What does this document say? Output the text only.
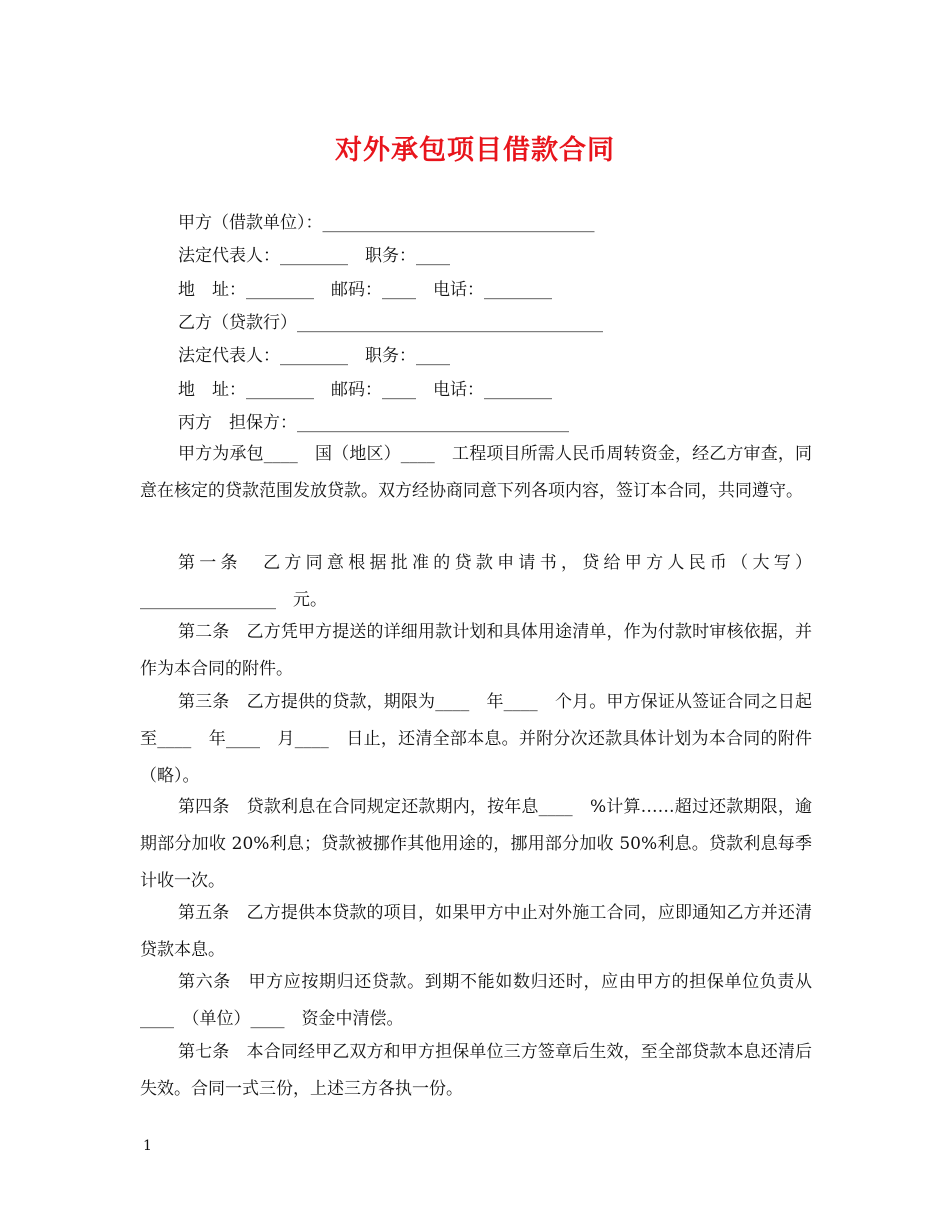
对外承包项目借款合同
甲方（借款单位）：________________________________
法定代表人：________　职务：____
地　址：________　邮码：____　电话：________
乙方（贷款行）____________________________________
法定代表人：________　职务：____
地　址：________　邮码：____　电话：________
丙方　担保方：________________________________
甲方为承包____　国（地区）____　工程项目所需人民币周转资金，经乙方审查，同意在核定的贷款范围发放贷款。双方经协商同意下列各项内容，签订本合同，共同遵守。
第一条　乙方同意根据批准的贷款申请书，贷给甲方人民币（大写）________________　元。
第二条　乙方凭甲方提送的详细用款计划和具体用途清单，作为付款时审核依据，并作为本合同的附件。
第三条　乙方提供的贷款，期限为____　年____　个月。甲方保证从签证合同之日起至____　年____　月____　日止，还清全部本息。并附分次还款具体计划为本合同的附件（略）。
第四条　贷款利息在合同规定还款期内，按年息____　%计算……超过还款期限，逾期部分加收 20%利息；贷款被挪作其他用途的，挪用部分加收 50%利息。贷款利息每季计收一次。
第五条　乙方提供本贷款的项目，如果甲方中止对外施工合同，应即通知乙方并还清贷款本息。
第六条　甲方应按期归还贷款。到期不能如数归还时，应由甲方的担保单位负责从____　（单位）____　资金中清偿。
第七条　本合同经甲乙双方和甲方担保单位三方签章后生效，至全部贷款本息还清后失效。合同一式三份，上述三方各执一份。
1
